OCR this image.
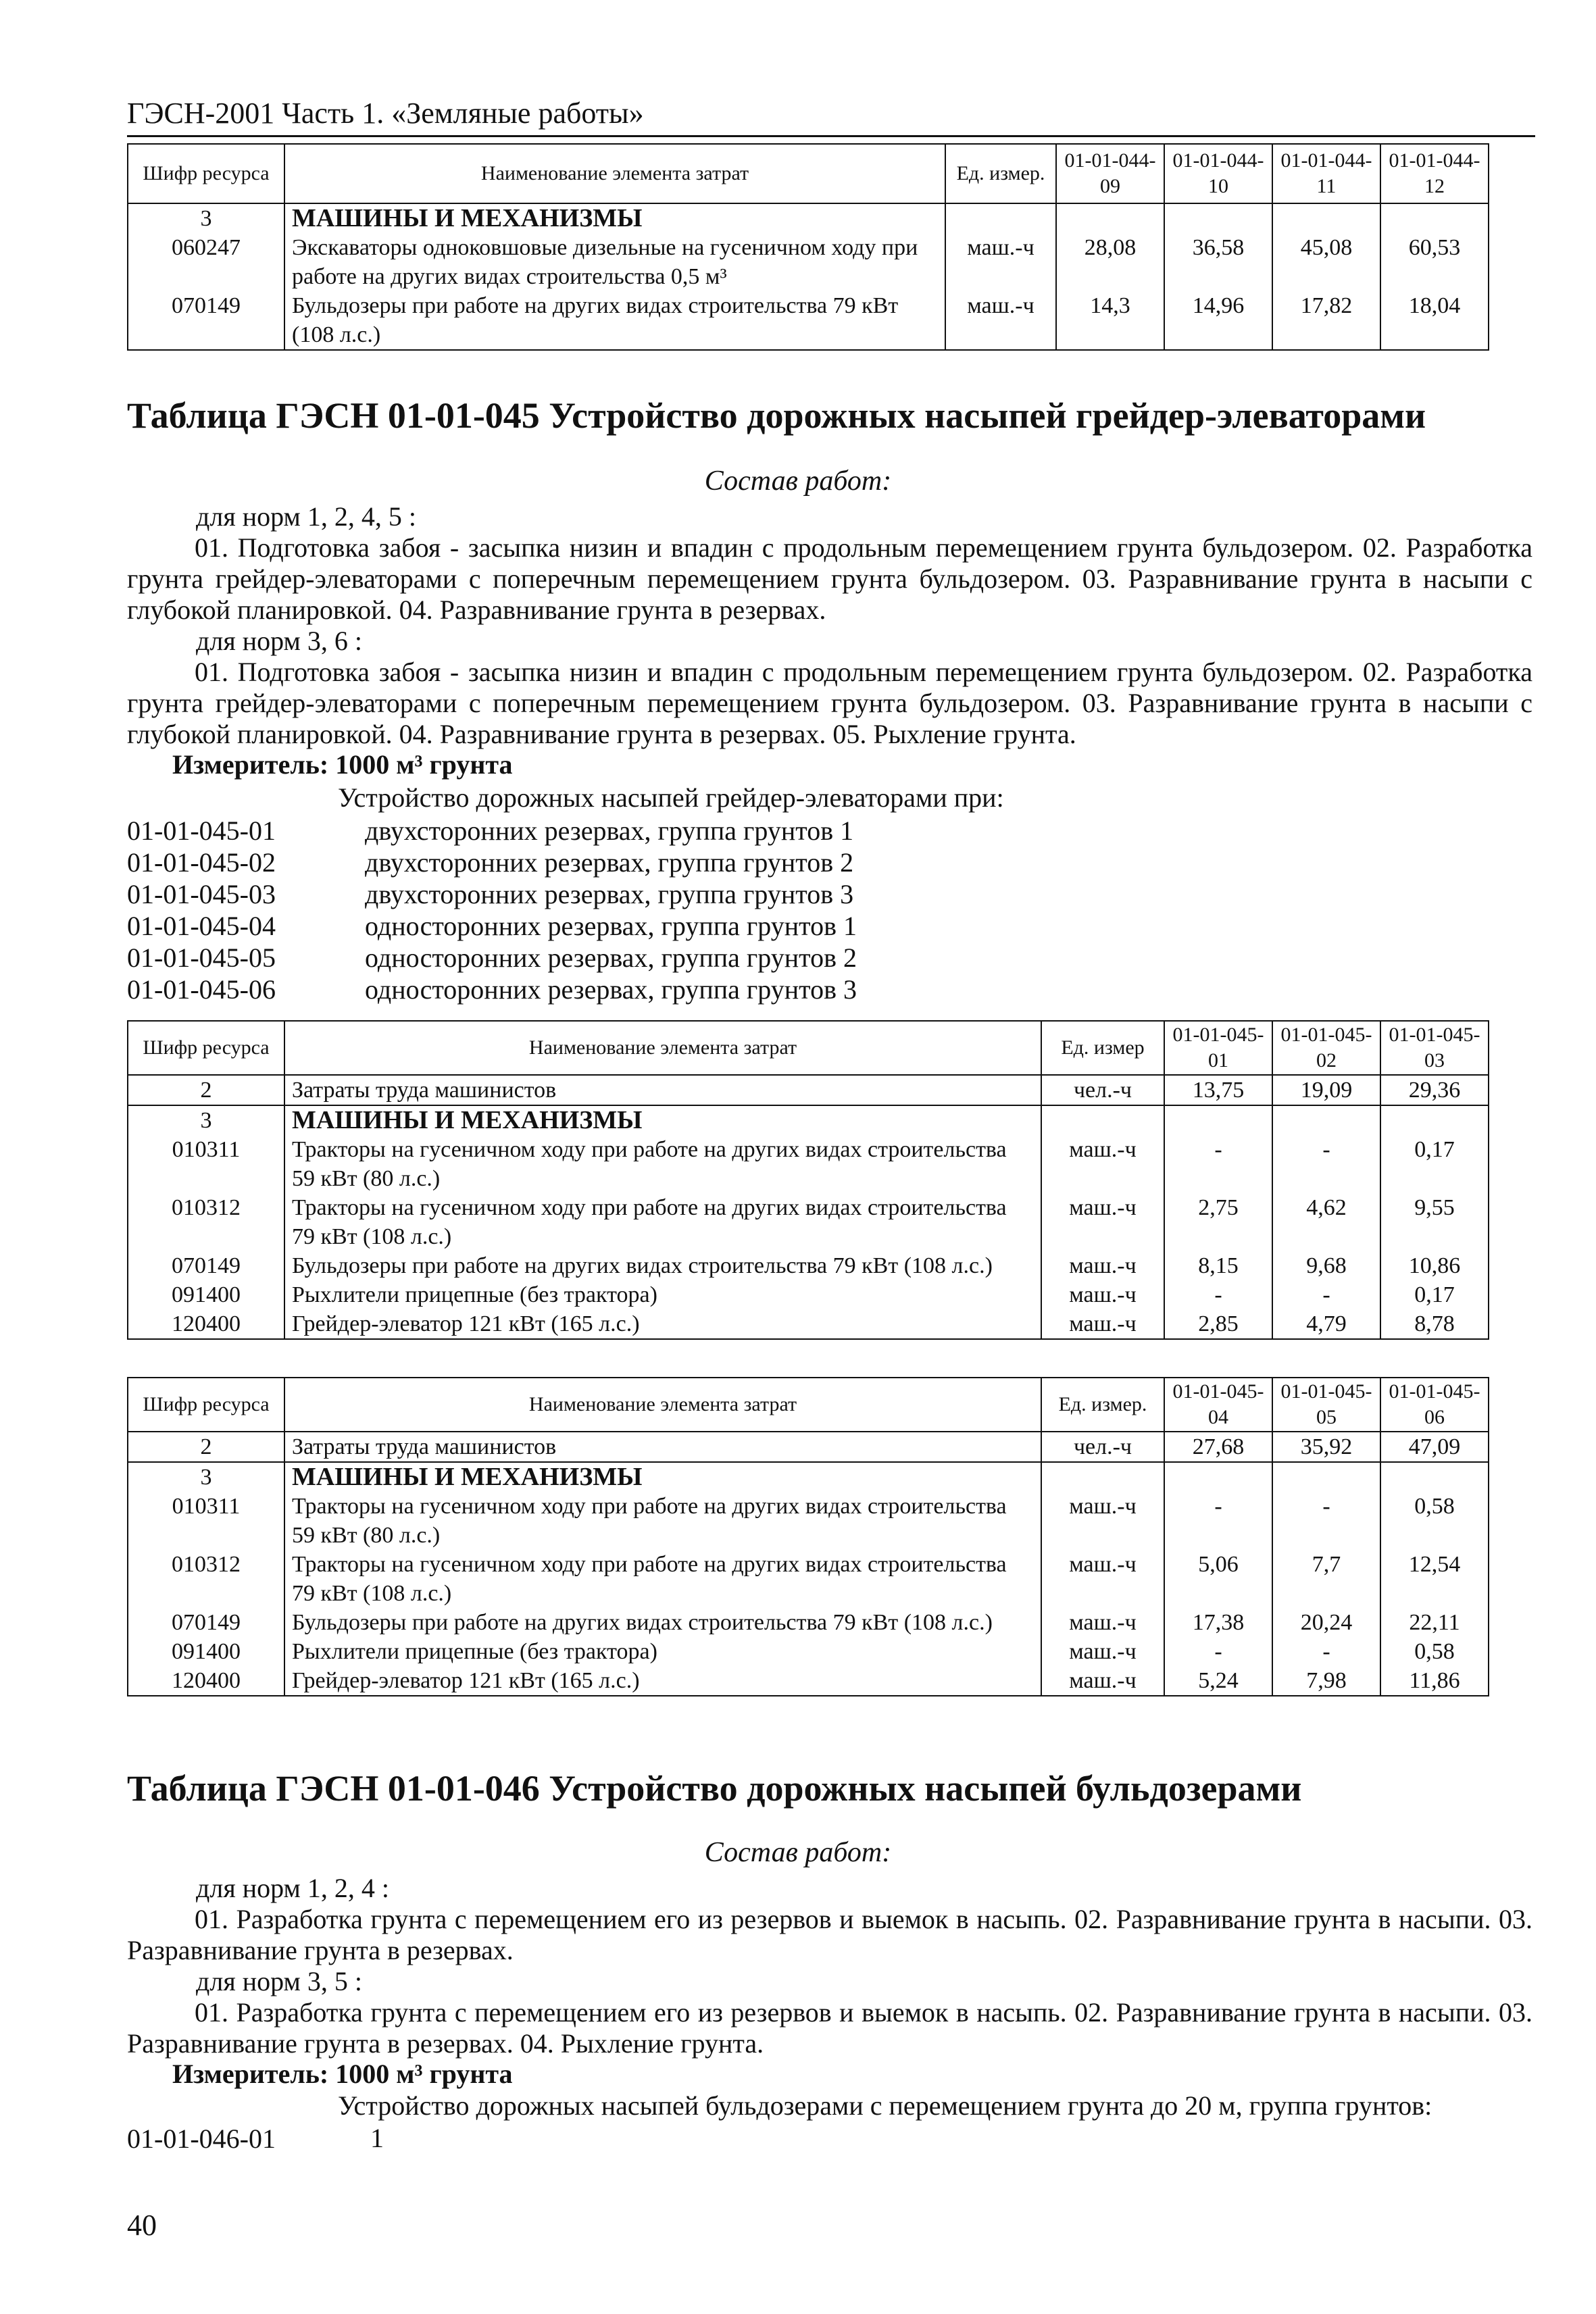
ГЭСН-2001 Часть 1. «Земляные работы»
Шифр ресурса	Наименование элемента затрат	Ед. измер.	01-01-044-09	01-01-044-10	01-01-044-11	01-01-044-12
3	МАШИНЫ И МЕХАНИЗМЫ					
060247	Экскаваторы одноковшовые дизельные на гусеничном ходу при работе на других видах строительства 0,5 м³	маш.-ч	28,08	36,58	45,08	60,53
070149	Бульдозеры при работе на других видах строительства 79 кВт (108 л.с.)	маш.-ч	14,3	14,96	17,82	18,04
Таблица ГЭСН 01-01-045 Устройство дорожных насыпей грейдер-элеваторами
Состав работ:
для норм 1, 2, 4, 5 :
01. Подготовка забоя - засыпка низин и впадин с продольным перемещением грунта бульдозером. 02. Разработка грунта грейдер-элеваторами с поперечным перемещением грунта бульдозером. 03. Разравнивание грунта в насыпи с глубокой планировкой. 04. Разравнивание грунта в резервах.
для норм 3, 6 :
01. Подготовка забоя - засыпка низин и впадин с продольным перемещением грунта бульдозером. 02. Разработка грунта грейдер-элеваторами с поперечным перемещением грунта бульдозером. 03. Разравнивание грунта в насыпи с глубокой планировкой. 04. Разравнивание грунта в резервах. 05. Рыхление грунта.
Измеритель: 1000 м³ грунта
Устройство дорожных насыпей грейдер-элеваторами при:
01-01-045-01	двухсторонних резервах, группа грунтов 1
01-01-045-02	двухсторонних резервах, группа грунтов 2
01-01-045-03	двухсторонних резервах, группа грунтов 3
01-01-045-04	односторонних резервах, группа грунтов 1
01-01-045-05	односторонних резервах, группа грунтов 2
01-01-045-06	односторонних резервах, группа грунтов 3
Шифр ресурса	Наименование элемента затрат	Ед. измер	01-01-045-01	01-01-045-02	01-01-045-03
2	Затраты труда машинистов	чел.-ч	13,75	19,09	29,36
3	МАШИНЫ И МЕХАНИЗМЫ				
010311	Тракторы на гусеничном ходу при работе на других видах строительства 59 кВт (80 л.с.)	маш.-ч	-	-	0,17
010312	Тракторы на гусеничном ходу при работе на других видах строительства 79 кВт (108 л.с.)	маш.-ч	2,75	4,62	9,55
070149	Бульдозеры при работе на других видах строительства 79 кВт (108 л.с.)	маш.-ч	8,15	9,68	10,86
091400	Рыхлители прицепные (без трактора)	маш.-ч	-	-	0,17
120400	Грейдер-элеватор 121 кВт (165 л.с.)	маш.-ч	2,85	4,79	8,78
Шифр ресурса	Наименование элемента затрат	Ед. измер.	01-01-045-04	01-01-045-05	01-01-045-06
2	Затраты труда машинистов	чел.-ч	27,68	35,92	47,09
3	МАШИНЫ И МЕХАНИЗМЫ				
010311	Тракторы на гусеничном ходу при работе на других видах строительства 59 кВт (80 л.с.)	маш.-ч	-	-	0,58
010312	Тракторы на гусеничном ходу при работе на других видах строительства 79 кВт (108 л.с.)	маш.-ч	5,06	7,7	12,54
070149	Бульдозеры при работе на других видах строительства 79 кВт (108 л.с.)	маш.-ч	17,38	20,24	22,11
091400	Рыхлители прицепные (без трактора)	маш.-ч	-	-	0,58
120400	Грейдер-элеватор 121 кВт (165 л.с.)	маш.-ч	5,24	7,98	11,86
Таблица ГЭСН 01-01-046 Устройство дорожных насыпей бульдозерами
Состав работ:
для норм 1, 2, 4 :
01. Разработка грунта с перемещением его из резервов и выемок в насыпь. 02. Разравнивание грунта в насыпи. 03. Разравнивание грунта в резервах.
для норм 3, 5 :
01. Разработка грунта с перемещением его из резервов и выемок в насыпь. 02. Разравнивание грунта в насыпи. 03. Разравнивание грунта в резервах. 04. Рыхление грунта.
Измеритель: 1000 м³ грунта
Устройство дорожных насыпей бульдозерами с перемещением грунта до 20 м, группа грунтов:
01-01-046-01	1
40
